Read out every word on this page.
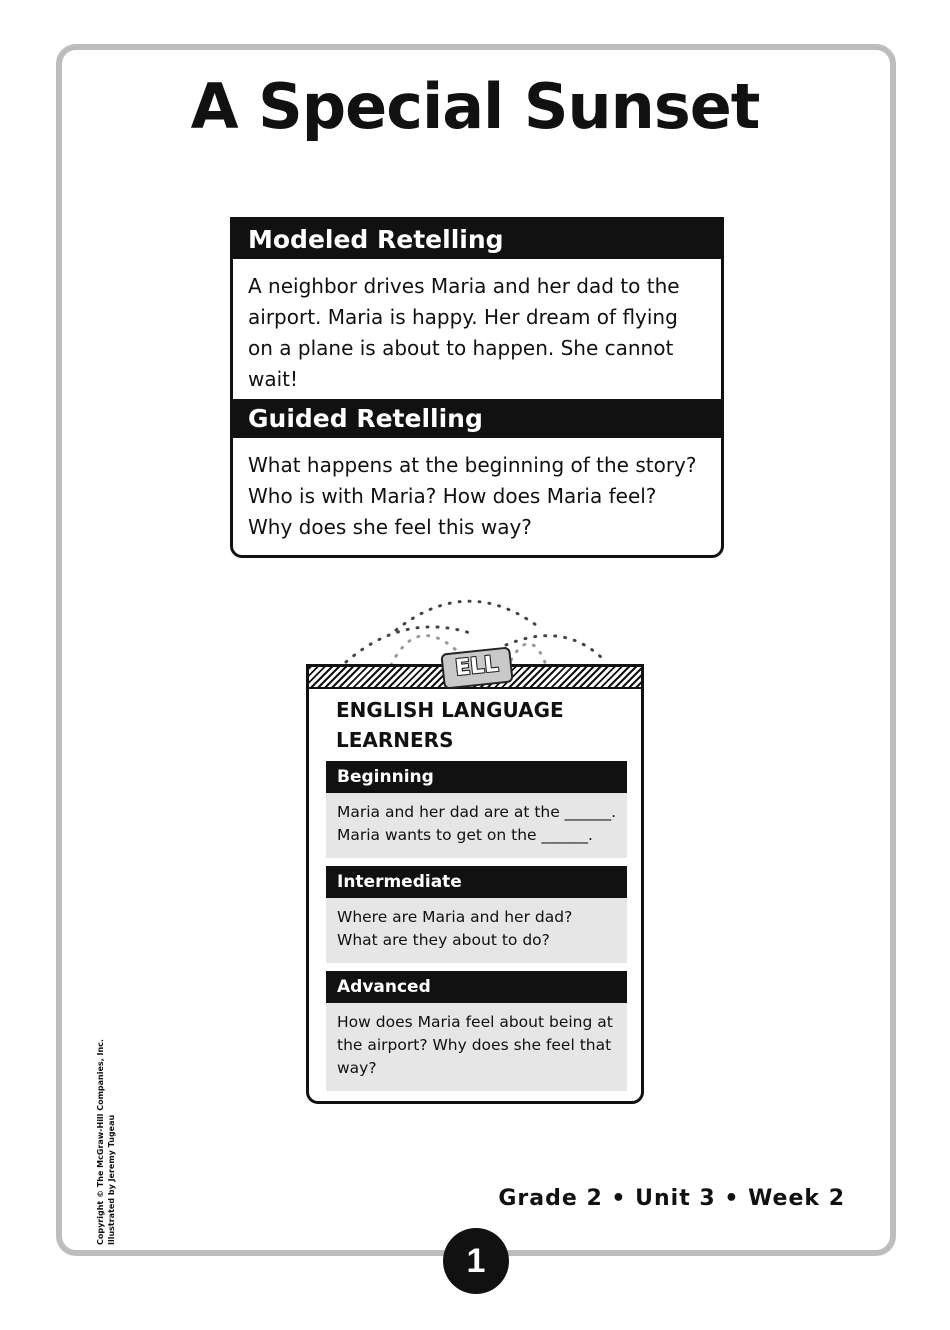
A Special Sunset
Modeled Retelling
A neighbor drives Maria and her dad to the airport. Maria is happy. Her dream of flying on a plane is about to happen. She cannot wait!
Guided Retelling
What happens at the beginning of the story? Who is with Maria? How does Maria feel? Why does she feel this way?
ENGLISH LANGUAGE LEARNERS
Beginning
Maria and her dad are at the ______.
Maria wants to get on the ______.
Intermediate
Where are Maria and her dad? What are they about to do?
Advanced
How does Maria feel about being at the airport? Why does she feel that way?
ELL
Copyright © The McGraw-Hill Companies, Inc. Illustrated by Jeremy Tugeau	Grade 2 • Unit 3 • Week 2
1
